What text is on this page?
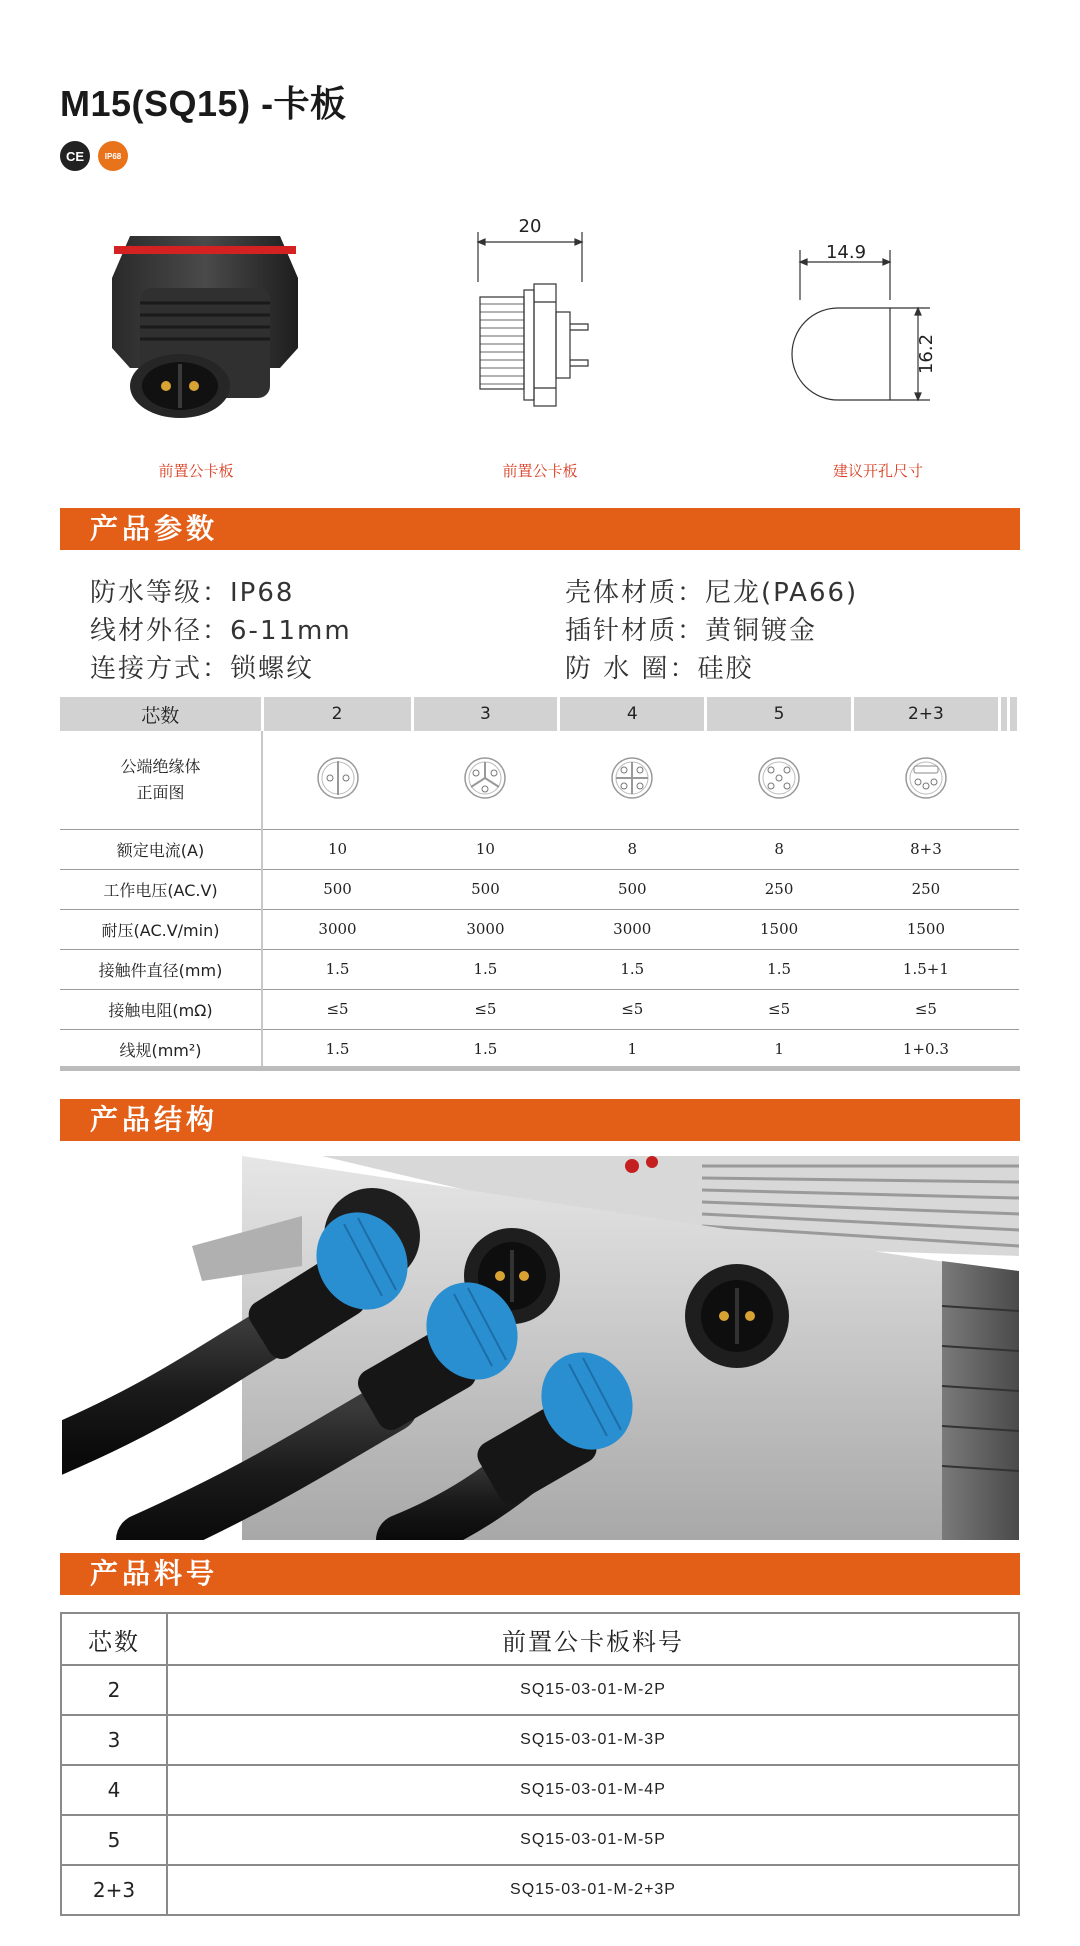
M15(SQ15) -卡板
CE	IP68
20
14.9
16.2
前置公卡板	前置公卡板	建议开孔尺寸
产品参数
防水等级：IP68
线材外径：6-11mm
连接方式：锁螺纹
壳体材质：尼龙(PA66)
插针材质：黄铜镀金
防 水 圈：硅胶
芯数	2	3	4	5	2+3		
公端绝缘体
正面图							
额定电流(A)	10	10	8	8	8+3		
工作电压(AC.V)	500	500	500	250	250		
耐压(AC.V/min)	3000	3000	3000	1500	1500		
接触件直径(mm)	1.5	1.5	1.5	1.5	1.5+1		
接触电阻(mΩ)	≤5	≤5	≤5	≤5	≤5		
线规(mm²)	1.5	1.5	1	1	1+0.3		
产品结构
产品料号
芯数	前置公卡板料号
2	SQ15-03-01-M-2P
3	SQ15-03-01-M-3P
4	SQ15-03-01-M-4P
5	SQ15-03-01-M-5P
2+3	SQ15-03-01-M-2+3P
